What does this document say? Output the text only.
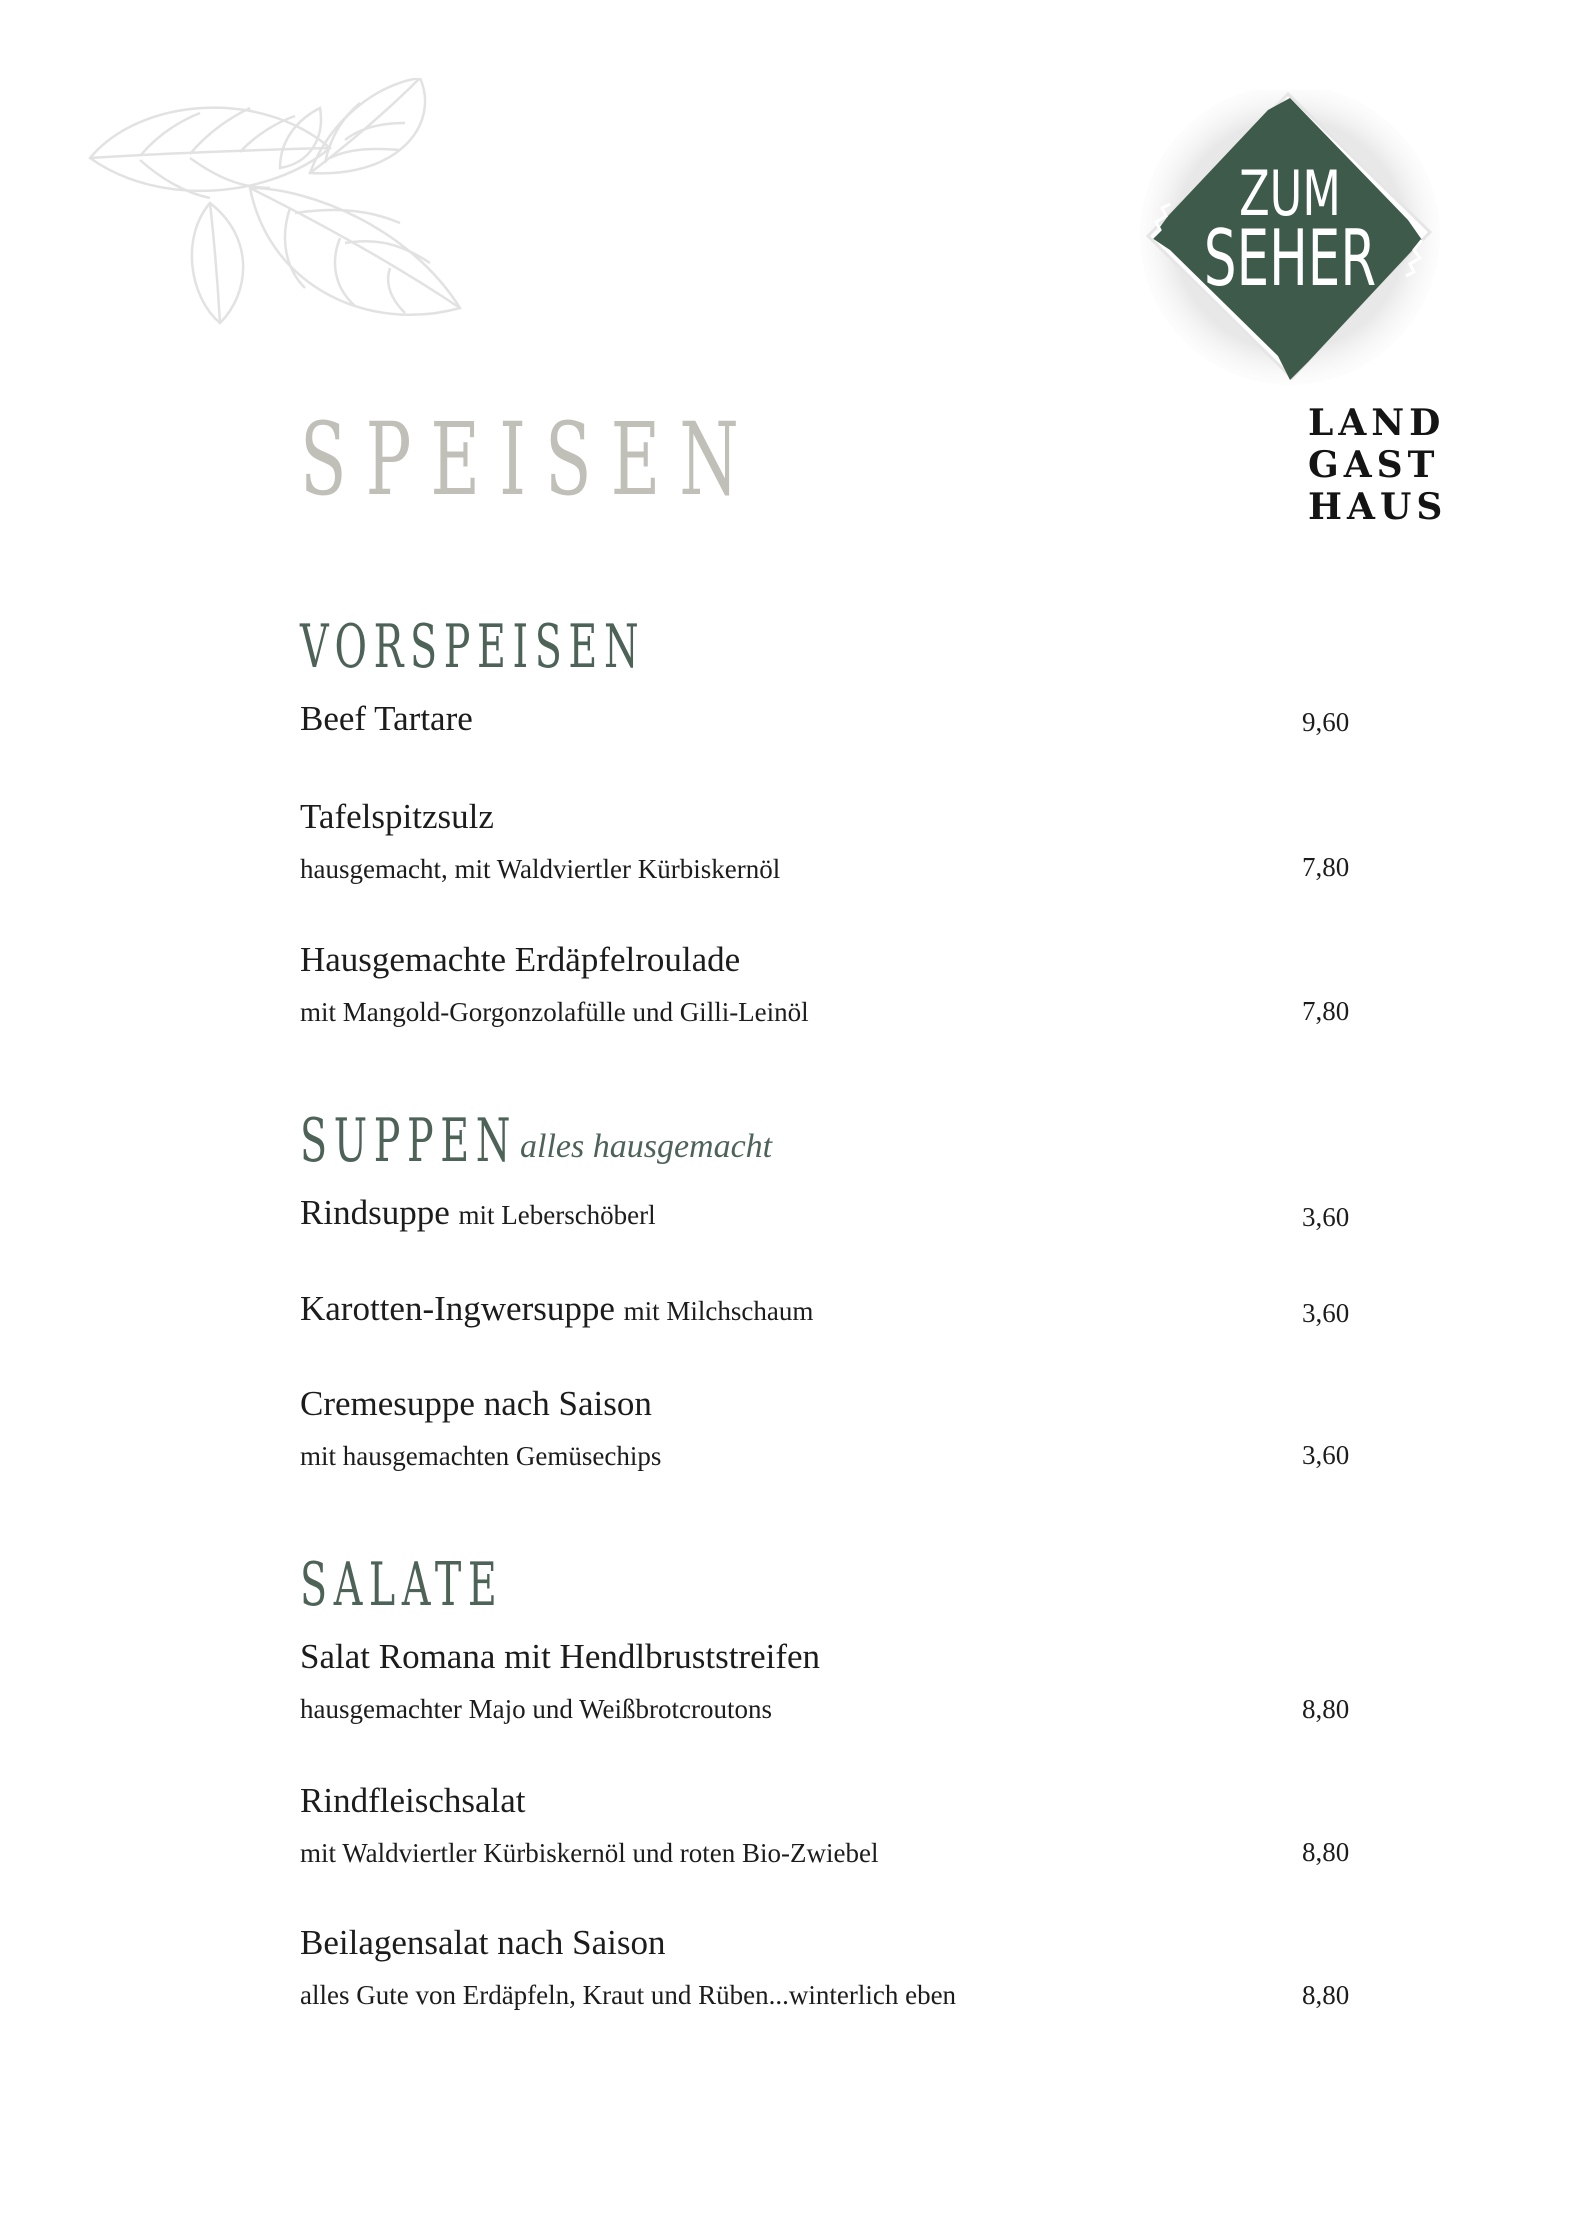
ZUM
SEHER
LAND
GAST
HAUS
SPEISEN
VORSPEISEN
Beef Tartare	9,60
Tafelspitzsulz
hausgemacht, mit Waldviertler Kürbiskernöl	7,80
Hausgemachte Erdäpfelroulade
mit Mangold-Gorgonzolafülle und Gilli-Leinöl	7,80
SUPPEN alles hausgemacht
Rindsuppe mit Leberschöberl	3,60
Karotten-Ingwersuppe mit Milchschaum	3,60
Cremesuppe nach Saison
mit hausgemachten Gemüsechips	3,60
SALATE
Salat Romana mit Hendlbruststreifen
hausgemachter Majo und Weißbrotcroutons	8,80
Rindfleischsalat
mit Waldviertler Kürbiskernöl und roten Bio-Zwiebel	8,80
Beilagensalat nach Saison
alles Gute von Erdäpfeln, Kraut und Rüben...winterlich eben	8,80
